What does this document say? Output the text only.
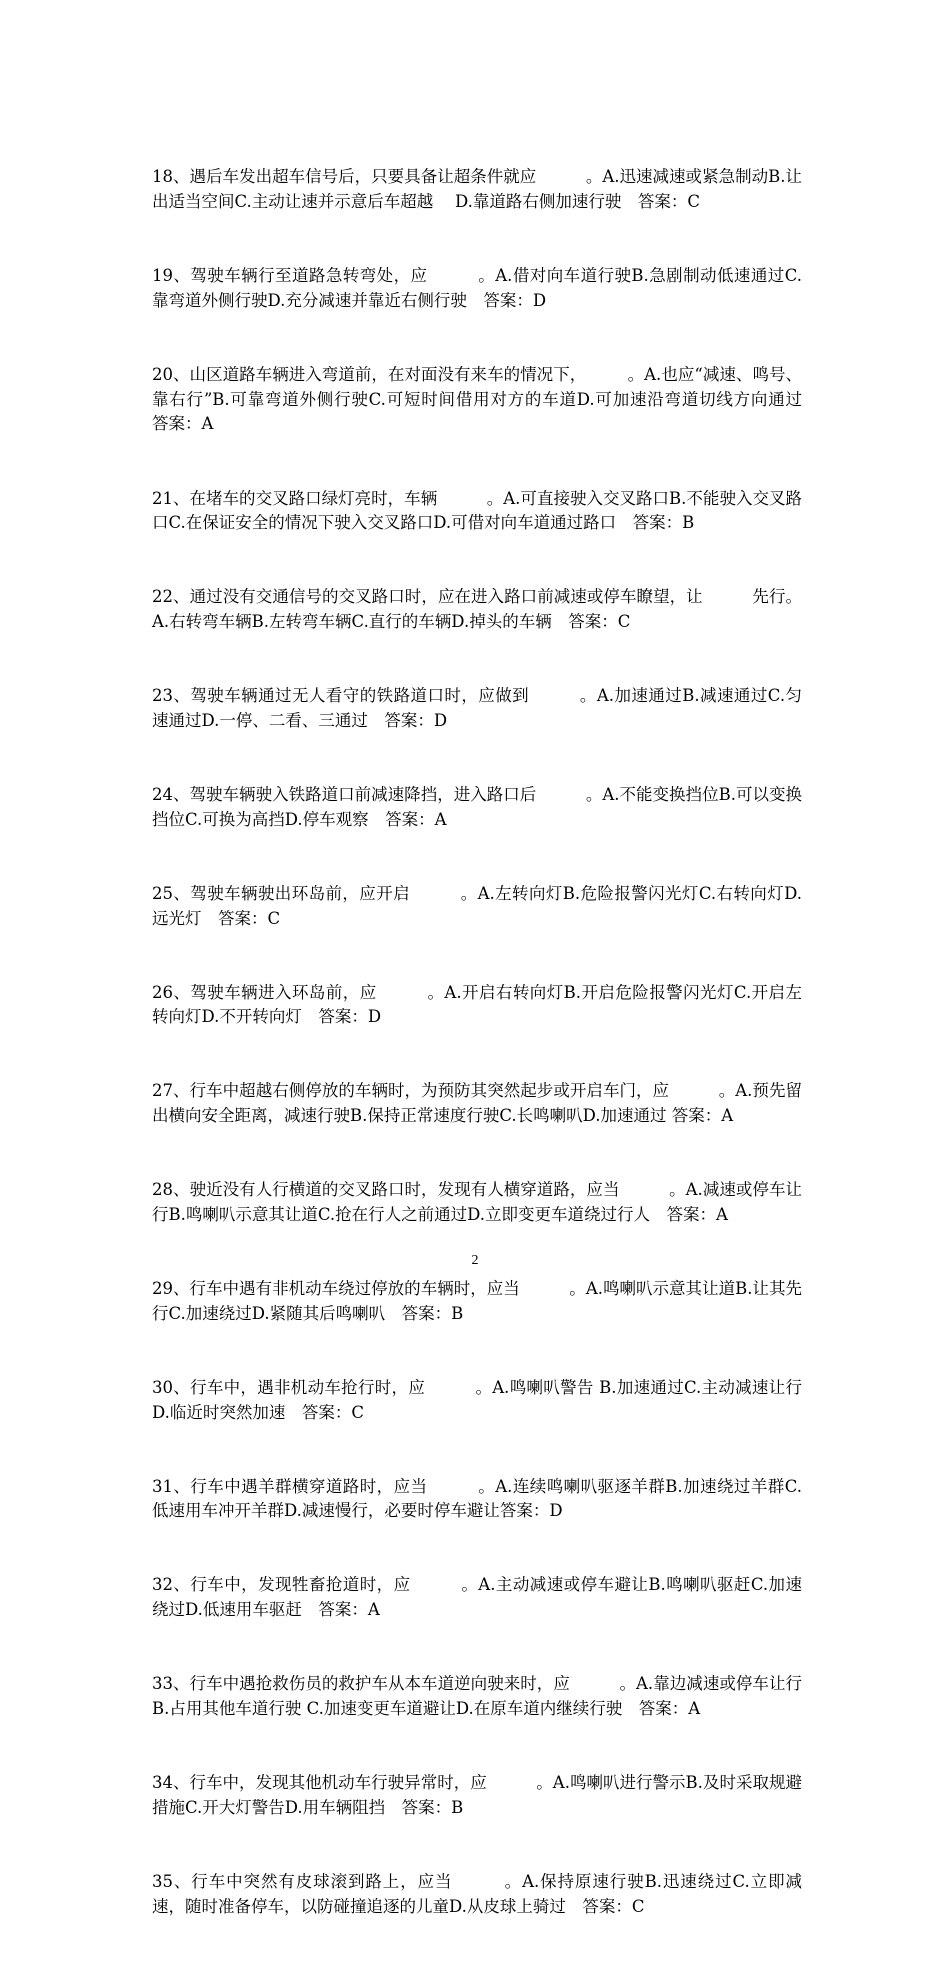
18、遇后车发出超车信号后，只要具备让超条件就应　　　。A.迅速减速或紧急制动B.让出适当空间C.主动让速并示意后车超越　 D.靠道路右侧加速行驶　答案：C

19、驾驶车辆行至道路急转弯处，应　　　。A.借对向车道行驶B.急剧制动低速通过C.靠弯道外侧行驶D.充分减速并靠近右侧行驶　答案：D

20、山区道路车辆进入弯道前，在对面没有来车的情况下，　　　。A.也应“减速、鸣号、靠右行”B.可靠弯道外侧行驶C.可短时间借用对方的车道D.可加速沿弯道切线方向通过　答案：A

21、在堵车的交叉路口绿灯亮时，车辆　　　。A.可直接驶入交叉路口B.不能驶入交叉路口C.在保证安全的情况下驶入交叉路口D.可借对向车道通过路口　答案：B

22、通过没有交通信号的交叉路口时，应在进入路口前减速或停车瞭望，让　　　先行。A.右转弯车辆B.左转弯车辆C.直行的车辆D.掉头的车辆　答案：C

23、驾驶车辆通过无人看守的铁路道口时，应做到　　　。A.加速通过B.减速通过C.匀速通过D.一停、二看、三通过　答案：D

24、驾驶车辆驶入铁路道口前减速降挡，进入路口后　　　。A.不能变换挡位B.可以变换挡位C.可换为高挡D.停车观察　答案：A

25、驾驶车辆驶出环岛前，应开启　　　。A.左转向灯B.危险报警闪光灯C.右转向灯D.远光灯　答案：C

26、驾驶车辆进入环岛前，应　　　。A.开启右转向灯B.开启危险报警闪光灯C.开启左转向灯D.不开转向灯　答案：D

27、行车中超越右侧停放的车辆时，为预防其突然起步或开启车门，应　　　。A.预先留出横向安全距离，减速行驶B.保持正常速度行驶C.长鸣喇叭D.加速通过 答案：A

28、驶近没有人行横道的交叉路口时，发现有人横穿道路，应当　　　。A.减速或停车让行B.鸣喇叭示意其让道C.抢在行人之前通过D.立即变更车道绕过行人　答案：A

29、行车中遇有非机动车绕过停放的车辆时，应当　　　。A.鸣喇叭示意其让道B.让其先行C.加速绕过D.紧随其后鸣喇叭　答案：B

30、行车中，遇非机动车抢行时，应　　　。A.鸣喇叭警告 B.加速通过C.主动减速让行D.临近时突然加速　答案：C

31、行车中遇羊群横穿道路时，应当　　　。A.连续鸣喇叭驱逐羊群B.加速绕过羊群C.低速用车冲开羊群D.减速慢行，必要时停车避让答案：D

32、行车中，发现牲畜抢道时，应　　　。A.主动减速或停车避让B.鸣喇叭驱赶C.加速绕过D.低速用车驱赶　答案：A

33、行车中遇抢救伤员的救护车从本车道逆向驶来时，应　　　。A.靠边减速或停车让行B.占用其他车道行驶 C.加速变更车道避让D.在原车道内继续行驶　答案：A

34、行车中，发现其他机动车行驶异常时，应　　　。A.鸣喇叭进行警示B.及时采取规避措施C.开大灯警告D.用车辆阻挡　答案：B

35、行车中突然有皮球滚到路上，应当　　　。A.保持原速行驶B.迅速绕过C.立即减速，随时准备停车，以防碰撞追逐的儿童D.从皮球上骑过　答案：C

2
